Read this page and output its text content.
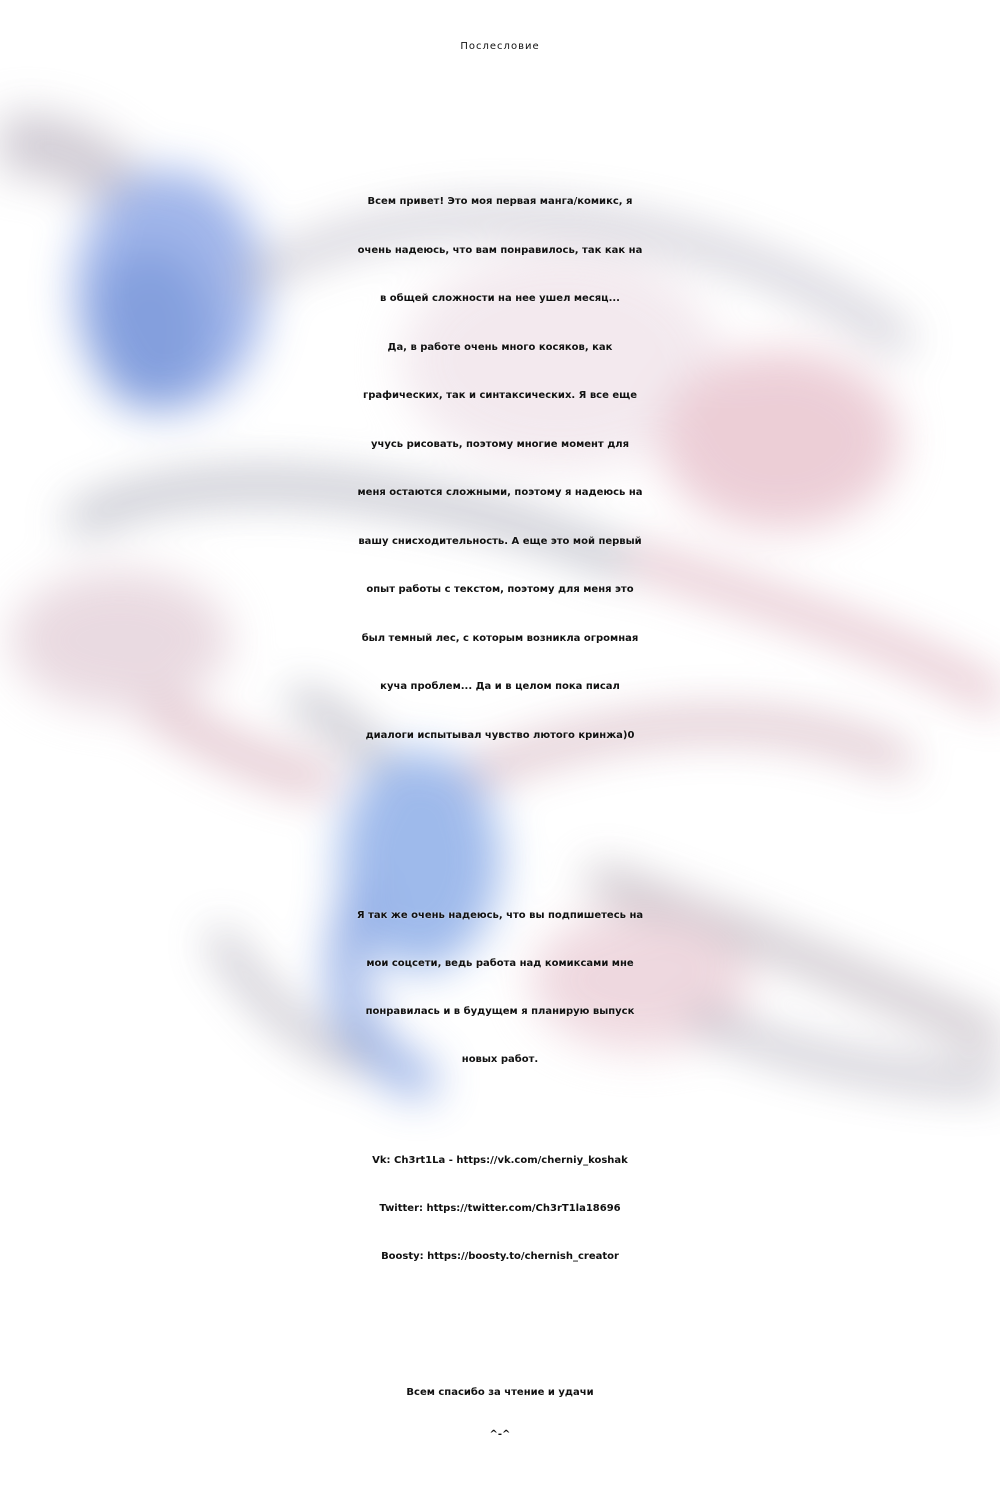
Послесловие
Всем привет! Это моя первая манга/комикс, я
очень надеюсь, что вам понравилось, так как на
в общей сложности на нее ушел месяц...
Да, в работе очень много косяков, как
графических, так и синтаксических. Я все еще
учусь рисовать, поэтому многие момент для
меня остаются сложными, поэтому я надеюсь на
вашу снисходительность. А еще это мой первый
опыт работы с текстом, поэтому для меня это
был темный лес, с которым возникла огромная
куча проблем... Да и в целом пока писал
диалоги испытывал чувство лютого кринжа)0
Я так же очень надеюсь, что вы подпишетесь на
мои соцсети, ведь работа над комиксами мне
понравилась и в будущем я планирую выпуск
новых работ.
Vk: Ch3rt1La - https://vk.com/cherniy_koshak
Twitter: https://twitter.com/Ch3rT1la18696
Boosty: https://boosty.to/chernish_creator
Всем спасибо за чтение и удачи
^-^
